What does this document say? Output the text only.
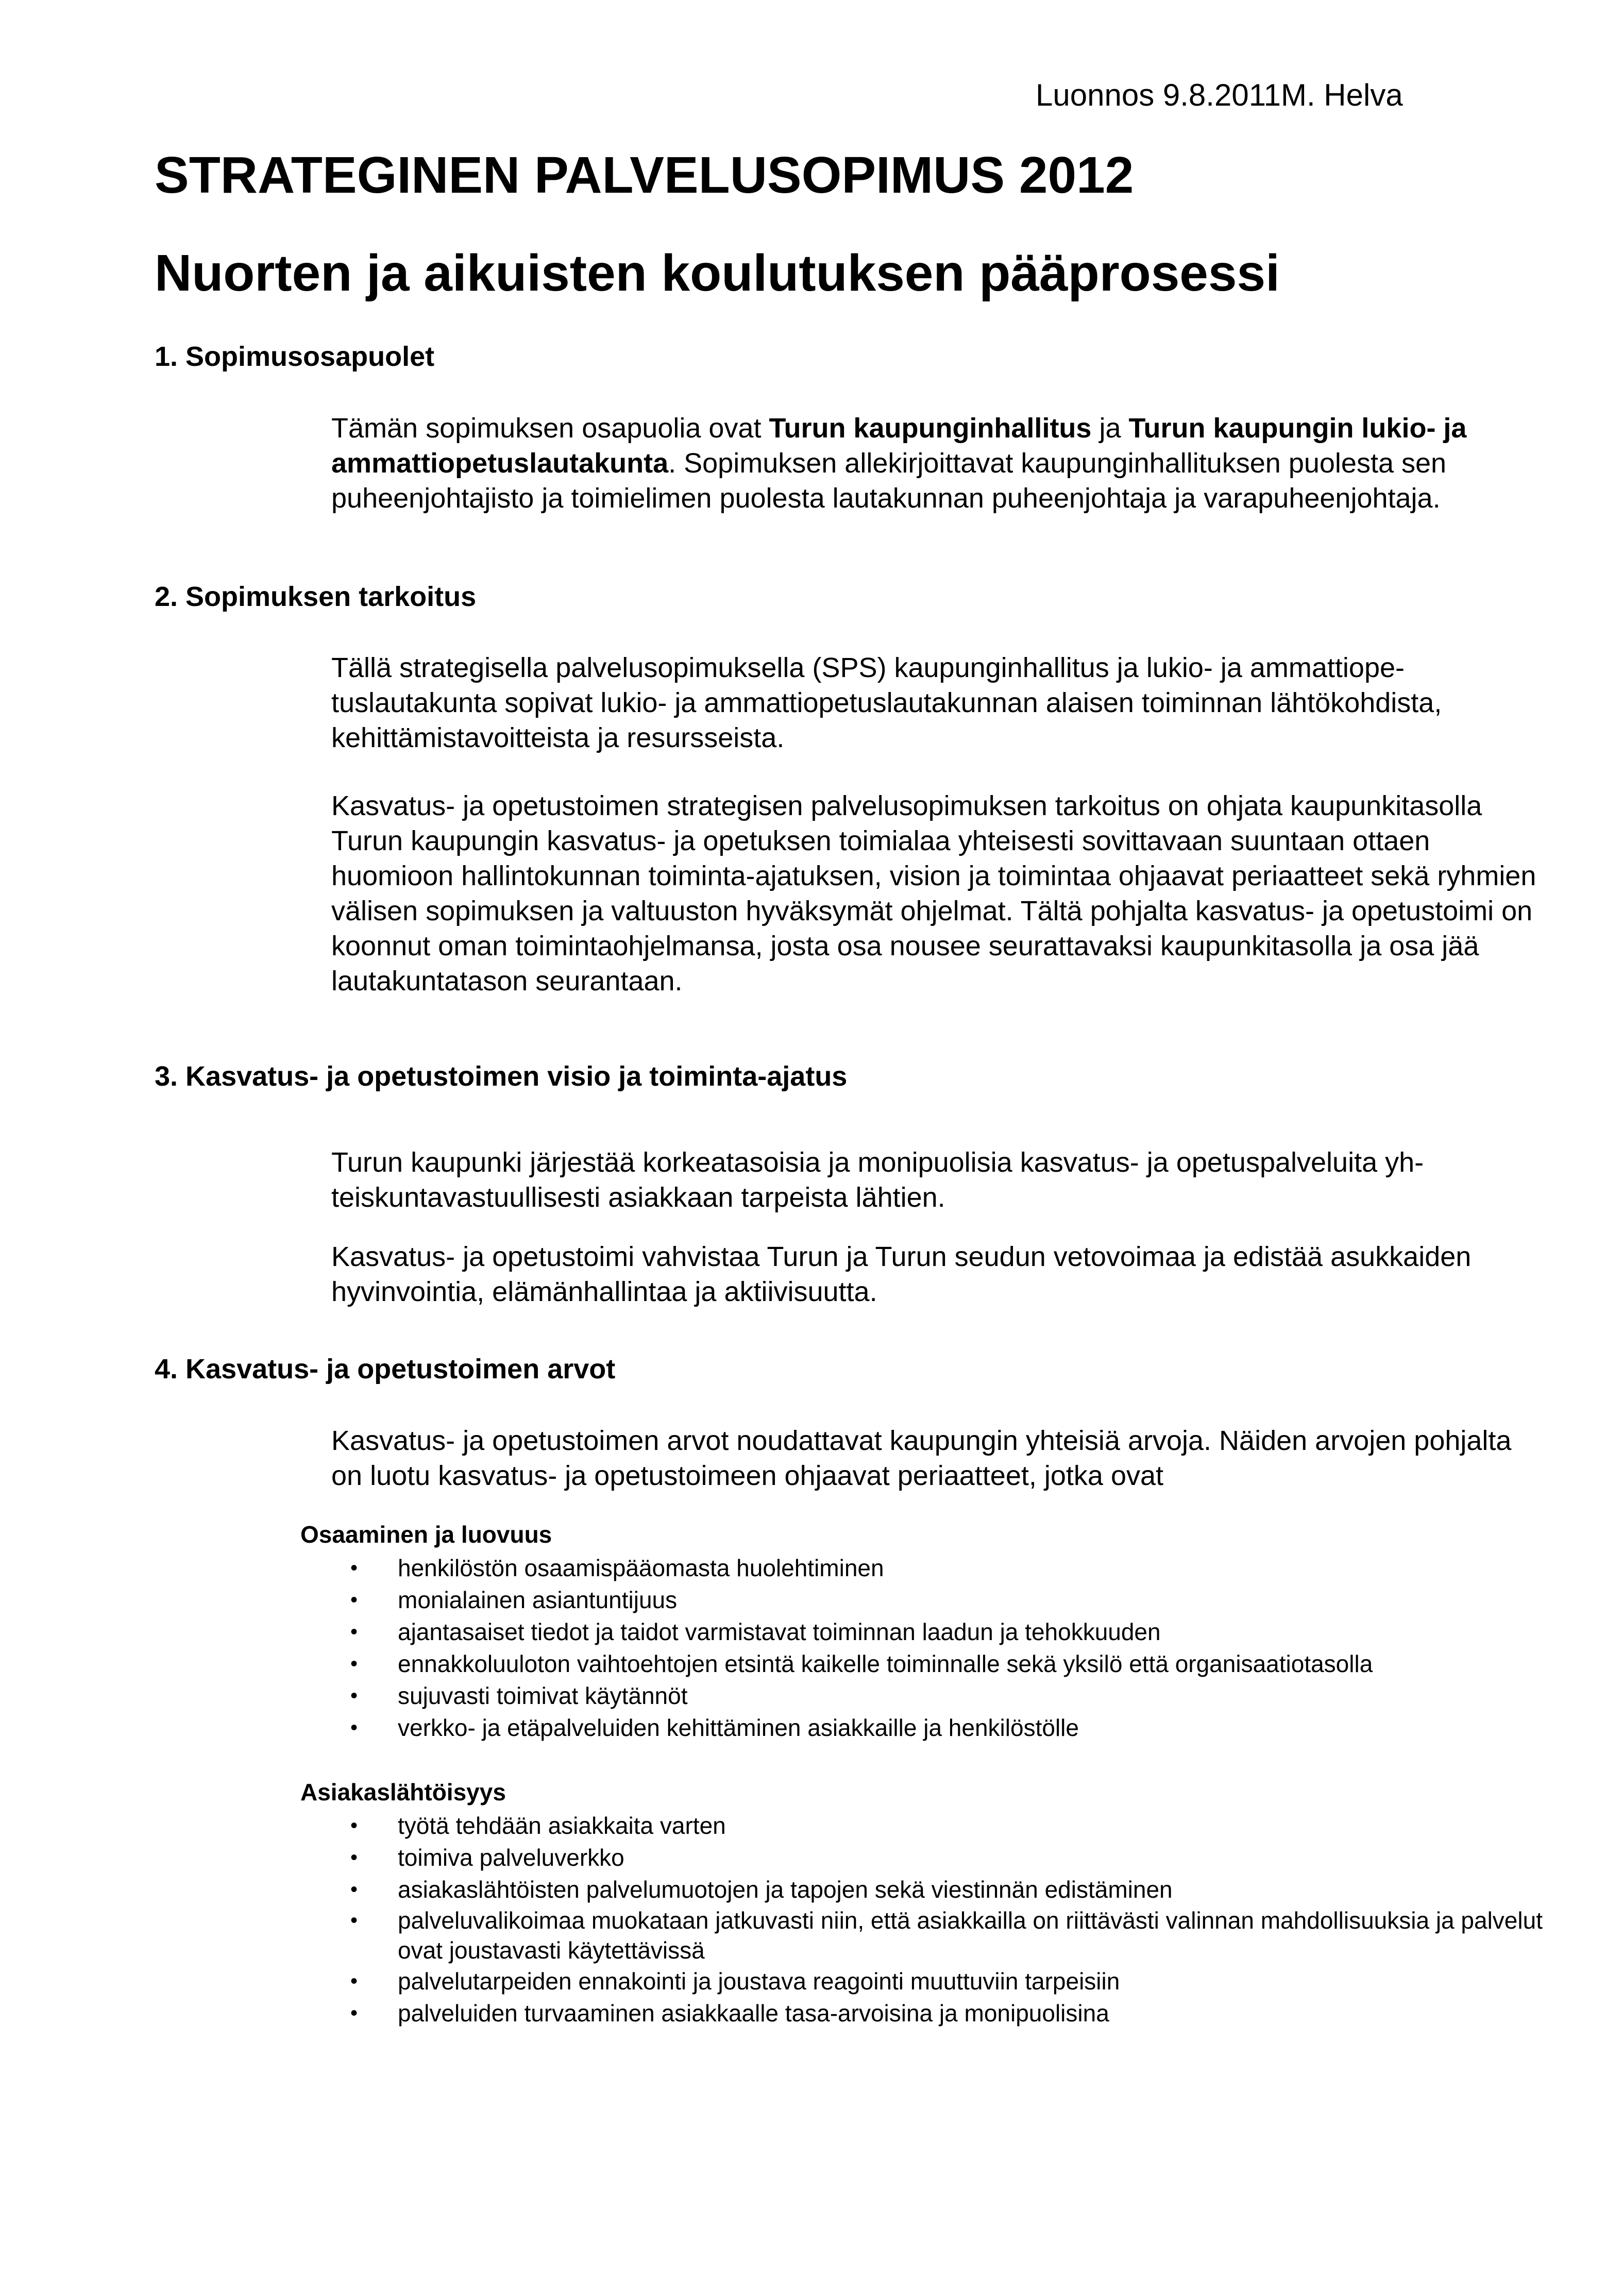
Luonnos 9.8.2011M. Helva
STRATEGINEN PALVELUSOPIMUS 2012
Nuorten ja aikuisten koulutuksen pääprosessi
1. Sopimusosapuolet

Tämän sopimuksen osapuolia ovat Turun kaupunginhallitus ja Turun kaupungin lukio- ja ammattiopetuslautakunta. Sopimuksen allekirjoittavat kaupunginhallituksen puolesta sen puheenjohtajisto ja toimielimen puolesta lautakunnan puheenjohtaja ja varapuheenjohtaja.

2. Sopimuksen tarkoitus

Tällä strategisella palvelusopimuksella (SPS) kaupunginhallitus ja lukio- ja ammattiopetuslautakunta sopivat lukio- ja ammattiopetuslautakunnan alaisen toiminnan lähtökohdista, kehittämistavoitteista ja resursseista.

Kasvatus- ja opetustoimen strategisen palvelusopimuksen tarkoitus on ohjata kaupunkitasolla Turun kaupungin kasvatus- ja opetuksen toimialaa yhteisesti sovittavaan suuntaan ottaen huomioon hallintokunnan toiminta-ajatuksen, vision ja toimintaa ohjaavat periaatteet sekä ryhmien välisen sopimuksen ja valtuuston hyväksymät ohjelmat. Tältä pohjalta kasvatus- ja opetustoimi on koonnut oman toimintaohjelmansa, josta osa nousee seurattavaksi kaupunkitasolla ja osa jää lautakuntatason seurantaan.

3. Kasvatus- ja opetustoimen visio ja toiminta-ajatus

Turun kaupunki järjestää korkeatasoisia ja monipuolisia kasvatus- ja opetuspalveluita yhteiskuntavastuullisesti asiakkaan tarpeista lähtien.

Kasvatus- ja opetustoimi vahvistaa Turun ja Turun seudun vetovoimaa ja edistää asukkaiden hyvinvointia, elämänhallintaa ja aktiivisuutta.

4. Kasvatus- ja opetustoimen arvot

Kasvatus- ja opetustoimen arvot noudattavat kaupungin yhteisiä arvoja. Näiden arvojen pohjalta on luotu kasvatus- ja opetustoimeen ohjaavat periaatteet, jotka ovat

Osaaminen ja luovuus
• henkilöstön osaamispääomasta huolehtiminen
• monialainen asiantuntijuus
• ajantasaiset tiedot ja taidot varmistavat toiminnan laadun ja tehokkuuden
• ennakkoluuloton vaihtoehtojen etsintä kaikelle toiminnalle sekä yksilö että organisaatiotasolla
• sujuvasti toimivat käytännöt
• verkko- ja etäpalveluiden kehittäminen asiakkaille ja henkilöstölle
Asiakaslähtöisyys
• työtä tehdään asiakkaita varten
• toimiva palveluverkko
• asiakaslähtöisten palvelumuotojen ja tapojen sekä viestinnän edistäminen
• palveluvalikoimaa muokataan jatkuvasti niin, että asiakkailla on riittävästi valinnan mahdollisuuksia ja palvelut ovat joustavasti käytettävissä
• palvelutarpeiden ennakointi ja joustava reagointi muuttuviin tarpeisiin
• palveluiden turvaaminen asiakkaalle tasa-arvoisina ja monipuolisina
